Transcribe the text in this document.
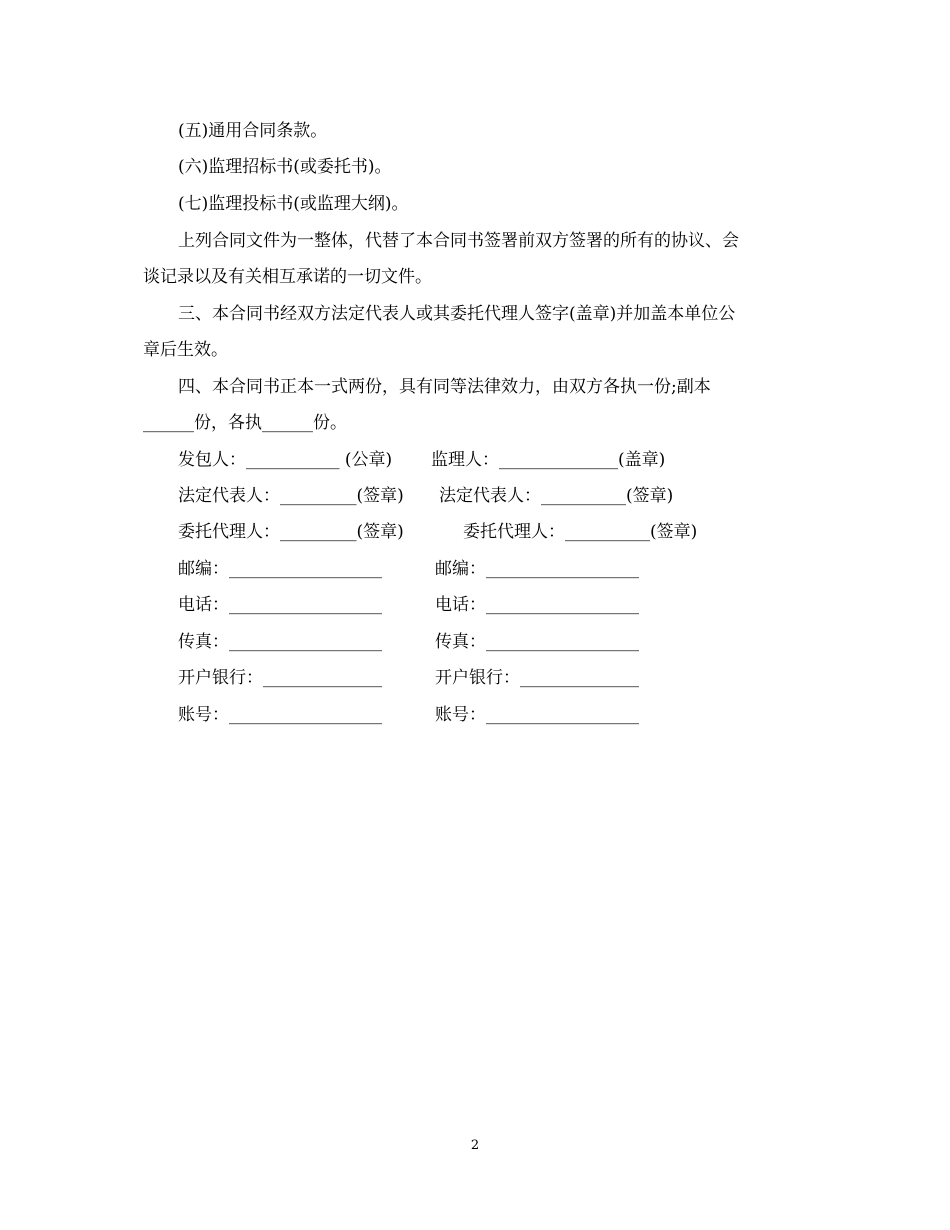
(五)通用合同条款。
(六)监理招标书(或委托书)。
(七)监理投标书(或监理大纲)。
上列合同文件为一整体，代替了本合同书签署前双方签署的所有的协议、会
谈记录以及有关相互承诺的一切文件。
三、本合同书经双方法定代表人或其委托代理人签字(盖章)并加盖本单位公
章后生效。
四、本合同书正本一式两份，具有同等法律效力，由双方各执一份;副本
______份，各执______份。
发包人：___________ (公章) 监理人：______________(盖章)
法定代表人：_________(签章) 法定代表人：__________(签章)
委托代理人：_________(签章)	委托代理人：__________(签章)
邮编：__________________	邮编：__________________
电话：__________________	电话：__________________
传真：__________________	传真：__________________
开户银行：______________	开户银行：______________
账号：__________________	账号：__________________
2
